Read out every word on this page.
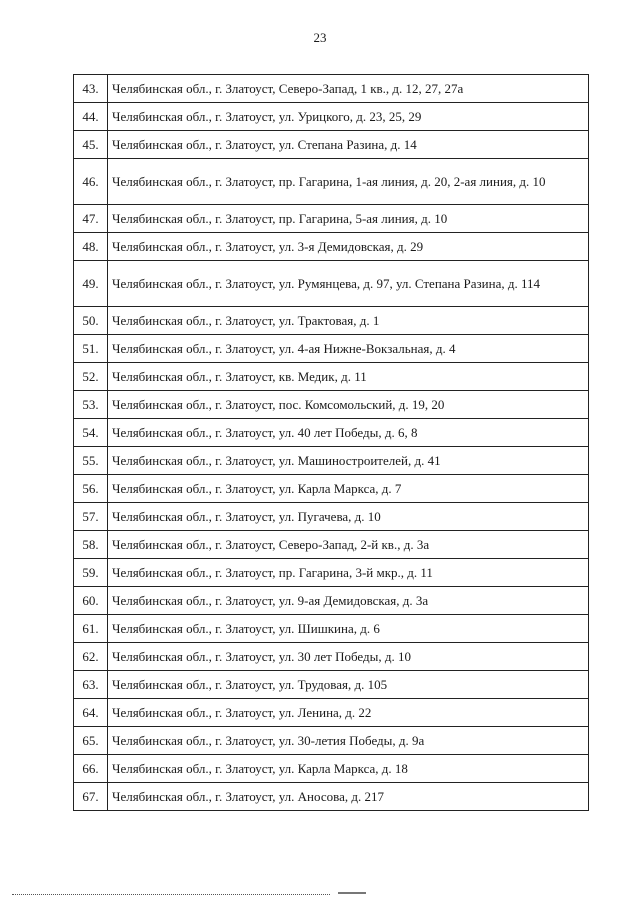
23
43.	Челябинская обл., г. Златоуст, Северо-Запад, 1 кв., д. 12, 27, 27а
44.	Челябинская обл., г. Златоуст, ул. Урицкого, д. 23, 25, 29
45.	Челябинская обл., г. Златоуст, ул. Степана Разина, д. 14
46.	Челябинская обл., г. Златоуст, пр. Гагарина, 1-ая линия, д. 20, 2-ая линия, д. 10
47.	Челябинская обл., г. Златоуст, пр. Гагарина, 5-ая линия, д. 10
48.	Челябинская обл., г. Златоуст, ул. 3-я Демидовская, д. 29
49.	Челябинская обл., г. Златоуст, ул. Румянцева, д. 97, ул. Степана Разина, д. 114
50.	Челябинская обл., г. Златоуст, ул. Трактовая, д. 1
51.	Челябинская обл., г. Златоуст, ул. 4-ая Нижне-Вокзальная, д. 4
52.	Челябинская обл., г. Златоуст, кв. Медик, д. 11
53.	Челябинская обл., г. Златоуст, пос. Комсомольский, д. 19, 20
54.	Челябинская обл., г. Златоуст, ул. 40 лет Победы, д. 6, 8
55.	Челябинская обл., г. Златоуст, ул. Машиностроителей, д. 41
56.	Челябинская обл., г. Златоуст, ул. Карла Маркса, д. 7
57.	Челябинская обл., г. Златоуст, ул. Пугачева, д. 10
58.	Челябинская обл., г. Златоуст, Северо-Запад, 2-й кв., д. 3а
59.	Челябинская обл., г. Златоуст, пр. Гагарина, 3-й мкр., д. 11
60.	Челябинская обл., г. Златоуст, ул. 9-ая Демидовская, д. 3а
61.	Челябинская обл., г. Златоуст, ул. Шишкина, д. 6
62.	Челябинская обл., г. Златоуст, ул. 30 лет Победы, д. 10
63.	Челябинская обл., г. Златоуст, ул. Трудовая, д. 105
64.	Челябинская обл., г. Златоуст, ул. Ленина, д. 22
65.	Челябинская обл., г. Златоуст, ул. 30-летия Победы, д. 9а
66.	Челябинская обл., г. Златоуст, ул. Карла Маркса, д. 18
67.	Челябинская обл., г. Златоуст, ул. Аносова, д. 217
